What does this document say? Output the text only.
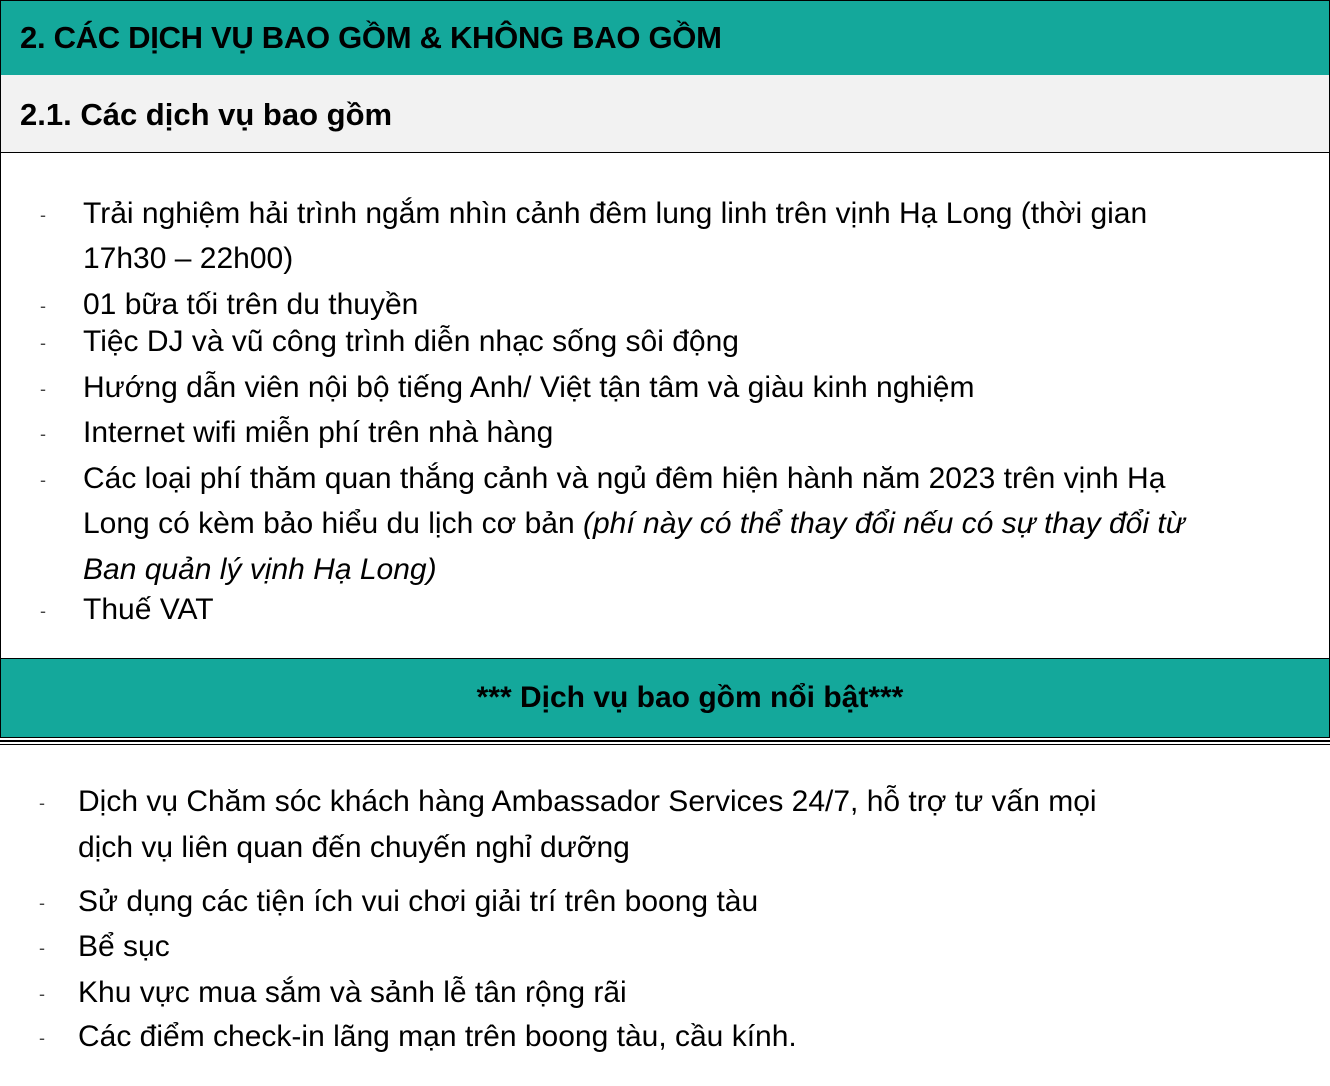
2. CÁC DỊCH VỤ BAO GỒM & KHÔNG BAO GỒM
2.1. Các dịch vụ bao gồm
- Trải nghiệm hải trình ngắm nhìn cảnh đêm lung linh trên vịnh Hạ Long (thời gian
17h30 – 22h00)
- 01 bữa tối trên du thuyền
- Tiệc DJ và vũ công trình diễn nhạc sống sôi động
- Hướng dẫn viên nội bộ tiếng Anh/ Việt tận tâm và giàu kinh nghiệm
- Internet wifi miễn phí trên nhà hàng
- Các loại phí thăm quan thắng cảnh và ngủ đêm hiện hành năm 2023 trên vịnh Hạ
Long có kèm bảo hiểu du lịch cơ bản (phí này có thể thay đổi nếu có sự thay đổi từ
Ban quản lý vịnh Hạ Long)
- Thuế VAT
*** Dịch vụ bao gồm nổi bật***
- Dịch vụ Chăm sóc khách hàng Ambassador Services 24/7, hỗ trợ tư vấn mọi
dịch vụ liên quan đến chuyến nghỉ dưỡng
- Sử dụng các tiện ích vui chơi giải trí trên boong tàu
- Bể sục
- Khu vực mua sắm và sảnh lễ tân rộng rãi
- Các điểm check-in lãng mạn trên boong tàu, cầu kính.
